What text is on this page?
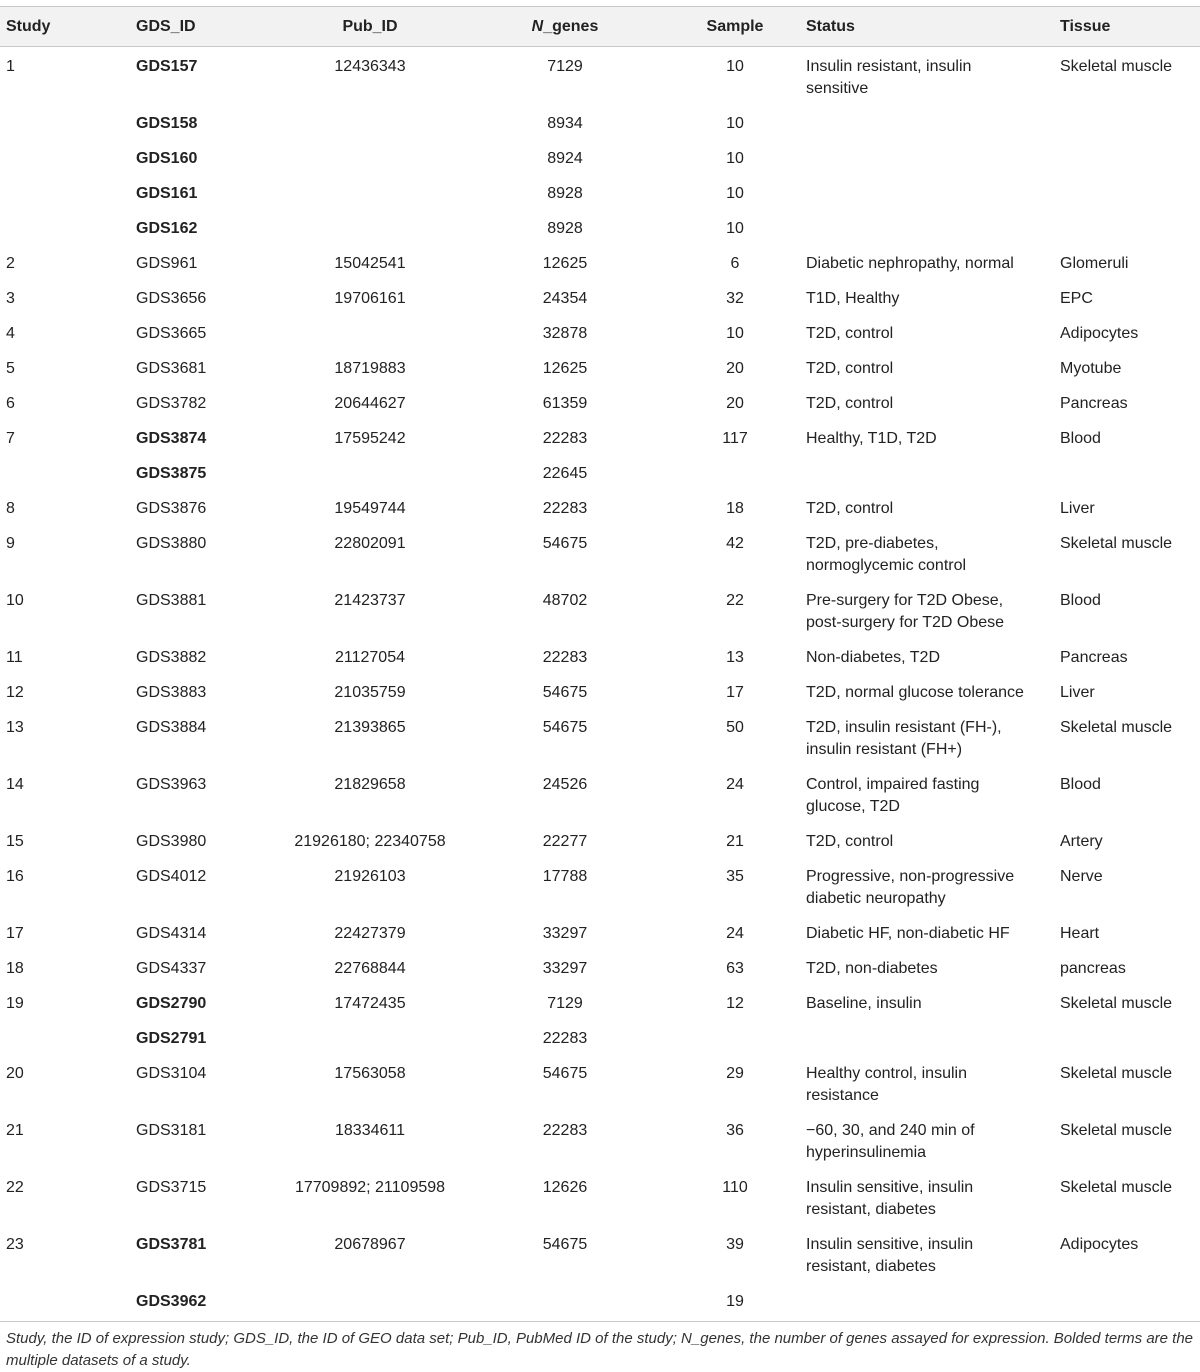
Study	GDS_ID	Pub_ID	N_genes	Sample	Status	Tissue
1	GDS157	12436343	7129	10	Insulin resistant, insulin sensitive	Skeletal muscle
	GDS158		8934	10		
	GDS160		8924	10		
	GDS161		8928	10		
	GDS162		8928	10		
2	GDS961	15042541	12625	6	Diabetic nephropathy, normal	Glomeruli
3	GDS3656	19706161	24354	32	T1D, Healthy	EPC
4	GDS3665		32878	10	T2D, control	Adipocytes
5	GDS3681	18719883	12625	20	T2D, control	Myotube
6	GDS3782	20644627	61359	20	T2D, control	Pancreas
7	GDS3874	17595242	22283	117	Healthy, T1D, T2D	Blood
	GDS3875		22645			
8	GDS3876	19549744	22283	18	T2D, control	Liver
9	GDS3880	22802091	54675	42	T2D, pre-diabetes, normoglycemic control	Skeletal muscle
10	GDS3881	21423737	48702	22	Pre-surgery for T2D Obese, post-surgery for T2D Obese	Blood
11	GDS3882	21127054	22283	13	Non-diabetes, T2D	Pancreas
12	GDS3883	21035759	54675	17	T2D, normal glucose tolerance	Liver
13	GDS3884	21393865	54675	50	T2D, insulin resistant (FH-), insulin resistant (FH+)	Skeletal muscle
14	GDS3963	21829658	24526	24	Control, impaired fasting glucose, T2D	Blood
15	GDS3980	21926180; 22340758	22277	21	T2D, control	Artery
16	GDS4012	21926103	17788	35	Progressive, non-progressive diabetic neuropathy	Nerve
17	GDS4314	22427379	33297	24	Diabetic HF, non-diabetic HF	Heart
18	GDS4337	22768844	33297	63	T2D, non-diabetes	pancreas
19	GDS2790	17472435	7129	12	Baseline, insulin	Skeletal muscle
	GDS2791		22283			
20	GDS3104	17563058	54675	29	Healthy control, insulin resistance	Skeletal muscle
21	GDS3181	18334611	22283	36	−60, 30, and 240 min of hyperinsulinemia	Skeletal muscle
22	GDS3715	17709892; 21109598	12626	110	Insulin sensitive, insulin resistant, diabetes	Skeletal muscle
23	GDS3781	20678967	54675	39	Insulin sensitive, insulin resistant, diabetes	Adipocytes
	GDS3962			19		
Study, the ID of expression study; GDS_ID, the ID of GEO data set; Pub_ID, PubMed ID of the study; N_genes, the number of genes assayed for expression. Bolded terms are the multiple datasets of a study.
